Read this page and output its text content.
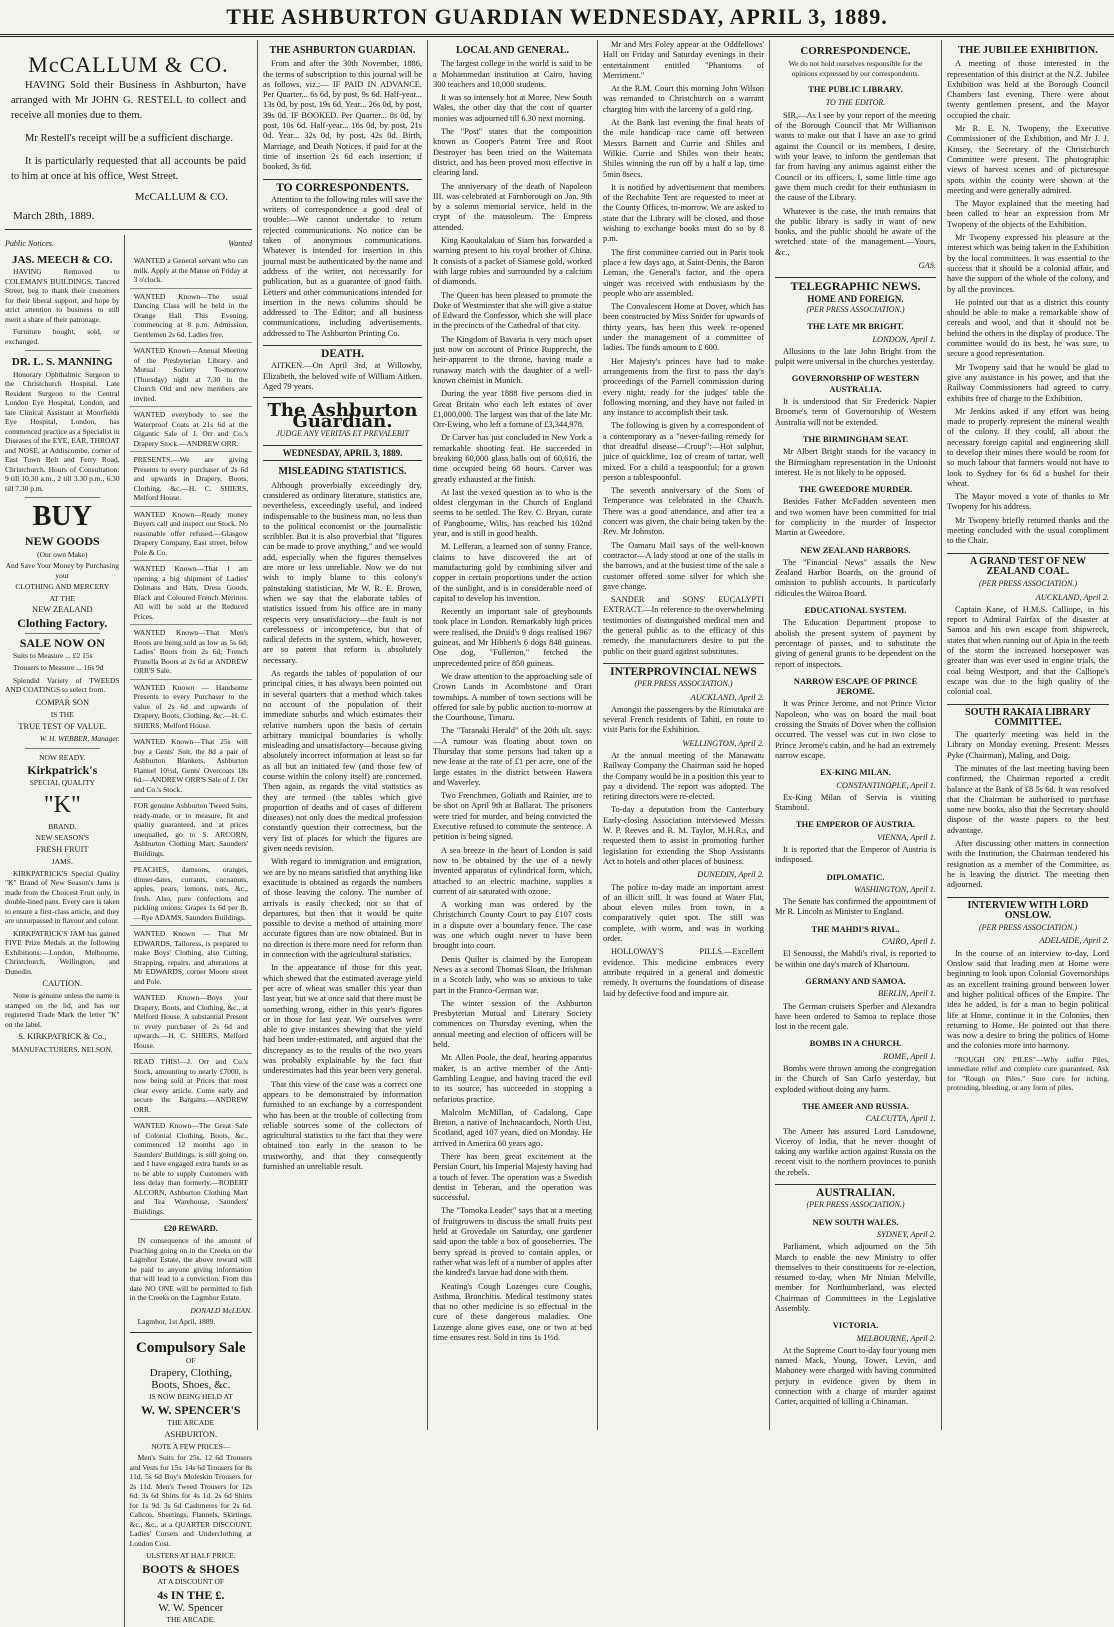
THE ASHBURTON GUARDIAN WEDNESDAY, APRIL 3, 1889.
McCALLUM & CO.
HAVING Sold their Business in Ashburton, have arranged with Mr JOHN G. RESTELL to collect and receive all monies due to them.
Mr Restell's receipt will be a sufficient discharge.
It is particularly requested that all accounts be paid to him at once at his office, West Street.
McCALLUM & CO.
March 28th, 1889.
Public Notices.
JAS. MEECH & CO.

HAVING Removed to COLEMAN'S BUILDINGS, Tancred Street, beg to thank their customers for their liberal support, and hope by strict attention to business to still merit a share of their patronage.

Furniture bought, sold, or exchanged.

DR. L. S. MANNING

Honorary Ophthalmic Surgeon to the Christchurch Hospital. Late Resident Surgeon to the Central London Eye Hospital, London, and late Clinical Assistant at Moorfields Eye Hospital, London, has commenced practice as a Specialist in Diseases of the EYE, EAR, THROAT and NOSE, at Addiscombe, corner of East Town Belt and Ferry Road, Christchurch. Hours of Consultation: 9 till 10.30 a.m., 2 till 3.30 p.m., 6.30 till 7.30 p.m.

BUY
NEW GOODS
(Our own Make)
And Save Your Money by Purchasing your
CLOTHING AND MERCERY
AT THE
NEW ZEALAND
Clothing Factory.
SALE NOW ON

Suits to Measure ... £2 15s

Trousers to Measure ... 16s 9d

Splendid Variety of TWEEDS AND COATINGS to select from.

COMPAR SON
IS THE
TRUE TEST OF VALUE.
W. H. WEBBER, Manager.
NOW READY.
Kirkpatrick's
SPECIAL QUALITY
"K"
BRAND.
NEW SEASON'S
FRESH FRUIT
JAMS.

KIRKPATRICK'S Special Quality "K" Brand of New Season's Jams is made from the Choicest Fruit only, in double-lined pans. Every care is taken to ensure a first-class article, and they are unsurpassed in flavour and colour.

KIRKPATRICK'S JAM has gained FIVE Prize Medals at the following Exhibitions:—London, Melbourne, Christchurch, Wellington, and Dunedin.

CAUTION.

None is genuine unless the name is stamped on the lid, and has our registered Trade Mark the letter "K" on the label.

S. KIRKPATRICK & Co.,
MANUFACTURERS, NELSON.
Wanted
WANTED a General servant who can milk. Apply at the Manse on Friday at 3 o'clock.
WANTED Known—The usual Dancing Class will be held in the Orange Hall This Evening, commencing at 8 p.m. Admission, Gentlemen 2s 6d. Ladies free.
WANTED Known—Annual Meeting of the Presbyterian Library and Mutual Society To-morrow (Thursday) night at 7.30 in the Church Old and new members are invited.
WANTED everybody to see the Waterproof Coats at 21s 6d at the Gigantic Sale of J. Orr and Co.'s Drapery Stock.—ANDREW ORR.
PRESENTS.—We are giving Presents to every purchaser of 2s 6d and upwards in Drapery, Boots, Clothing, &c.—H. C. SHIERS, Melford House.
WANTED Known—Ready money Buyers call and inspect our Stock. No reasonable offer refused.—Glasgow Drapery Company, East street, below Pole & Co.
WANTED Known—That I am opening a big shipment of Ladies' Dolmans and Hats, Dress Goods, Black and Coloured French Merinos. All will be sold at the Reduced Prices.
WANTED Known—That Men's Boots are being sold as low as 5s 6d; Ladies' Boots from 2s 6d; French Prunella Boots at 2s 6d at ANDREW ORR'S Sale.
WANTED Known — Handsome Presents to every Purchaser to the value of 2s 6d and upwards of Drapery, Boots, Clothing, &c.—H. C. SHIERS, Melford House.
WANTED Known—That 25s will buy a Gents' Suit, the 8d a pair of Ashburton Blankets, Ashburton Flannel 10½d, Gents' Overcoats 18s 6d.—ANDREW ORR'S Sale of J. Orr and Co.'s Stock.
FOR genuine Ashburton Tweed Suits, ready-made, or to measure, fit and quality guaranteed, and at prices unequalled, go to S. ARCORN, Ashburton Clothing Mart, Saunders' Buildings.
PEACHES, damsons, oranges, dinner-dates, currants, cocoanuts, apples, pears, lemons, nuts, &c., fresh. Also, pure confections and pickling onions. Grapes 1s 6d per lb.—Rye ADAMS, Saunders Buildings.
WANTED Known — That Mr EDWARDS, Tailoress, is prepared to make Boys' Clothing, also Cutting, Strapping, repairs, and alterations at Mr EDWARDS, corner Moore street and Pole.
WANTED Known—Boys your Drapery, Boots, and Clothing, &c., at Melford House. A substantial Present to every purchaser of 2s 6d and upwards.—H. C. SHIERS, Melford House.
READ THIS!—J. Orr and Co.'s Stock, amounting to nearly £7000, is now being sold at Prices that must clear every article. Come early and secure the Bargains.—ANDREW ORR.
WANTED Known—The Great Sale of Colonial Clothing, Boots, &c., commenced 12 months ago in Saunders' Buildings, is still going on, and I have engaged extra hands so as to be able to supply Customers with less delay than formerly.—ROBERT ALCORN, Ashburton Clothing Mart and Tea Warehouse, Saunders' Buildings.
£20 REWARD.

IN consequence of the amount of Poaching going on in the Creeks on the Lagmhor Estate, the above reward will be paid to anyone giving information that will lead to a conviction. From this date NO ONE will be permitted to fish in the Creeks on the Lagmhor Estate.

DONALD McLEAN.

Lagmhor, 1st April, 1889.

Compulsory Sale
OF
Drapery, Clothing,
Boots, Shoes, &c.
IS NOW BEING HELD AT
W. W. SPENCER'S
THE ARCADE
ASHBURTON.
NOTE A FEW PRICES—

Men's Suits for 25s. 12 6d Trousers and Vests for 15s. 14s 6d Trousers for 8s 11d. 5s 6d Boy's Moleskin Trousers for 2s 11d. Men's Tweed Trousers for 12s 6d. 3s 6d Shirts for 4s 1d. 2s 6d Shirts for 1s 9d. 3s 6d Cashmeres for 2s 6d. Calicos, Sheetings, Flannels, Skirtings, &c., &c., at a QUARTER DISCOUNT. Ladies' Corsets and Underclothing at London Cost.

ULSTERS AT HALF PRICE.
BOOTS & SHOES
AT A DISCOUNT OF
4s IN THE £.
W. W. Spencer
THE ARCADE.
THE ASHBURTON GUARDIAN.

From and after the 30th November, 1886, the terms of subscription to this journal will be as follows, viz.:— IF PAID IN ADVANCE. Per Quarter... 6s 6d, by post, 9s 6d. Half-year... 13s 0d, by post, 19s 6d. Year... 26s 0d, by post, 39s 0d. IF BOOKED. Per Quarter... 8s 0d, by post, 10s 6d. Half-year... 16s 0d, by post, 21s 0d. Year... 32s 0d, by post, 42s 0d. Birth, Marriage, and Death Notices, if paid for at the time of insertion 2s 6d each insertion; if booked, 3s 6d.

TO CORRESPONDENTS.

Attention to the following rules will save the writers of correspondence a good deal of trouble:—We cannot undertake to return rejected communications. No notice can be taken of anonymous communications. Whatever is intended for insertion in this journal must be authenticated by the name and address of the writer, not necessarily for publication, but as a guarantee of good faith. Letters and other communications intended for insertion in the news columns should be addressed to The Editor; and all business communications, including advertisements, addressed to The Ashburton Printing Co.

DEATH.

AITKEN.—On April 3rd, at Willowby, Elizabeth, the beloved wife of William Aitken. Aged 79 years.

The Ashburton Guardian.
JUDGE ANY VERITAS ET PREVALEBIT
WEDNESDAY, APRIL 3, 1889.
MISLEADING STATISTICS.

Although proverbially exceedingly dry, considered as ordinary literature, statistics are, nevertheless, exceedingly useful, and indeed indispensable to the business man, no less than to the political economist or the journalistic scribbler. But it is also proverbial that "figures can be made to prove anything," and we would add, especially when the figures themselves are more or less unreliable. Now we do not wish to imply blame to this colony's painstaking statistician, Mr W. R. E. Brown, when we say that the elaborate tables of statistics issued from his office are in many respects very unsatisfactory—the fault is not carelessness or incompetence, but that of radical defects in the system, which, however, are so patent that reform is absolutely necessary.

As regards the tables of population of our principal cities, it has always been pointed out in several quarters that a method which takes no account of the population of their immediate suburbs and which estimates their relative numbers upon the basis of certain arbitrary municipal boundaries is wholly misleading and unsatisfactory—because giving absolutely incorrect information at least so far as all but an initiated few (and those few of course within the colony itself) are concerned. Then again, as regards the vital statistics as they are termed (the tables which give proportion of deaths and of cases of different diseases) not only does the medical profession constantly question their correctness, but the very list of places for which the figures are given needs revision.

With regard to immigration and emigration, we are by no means satisfied that anything like exactitude is obtained as regards the numbers of those leaving the colony. The number of arrivals is easily checked; not so that of departures, but then that it would be quite possible to devise a method of attaining more accurate figures than are now obtained. But in no direction is there more need for reform than in connection with the agricultural statistics.

In the appearance of those for this year, which shewed that the estimated average yield per acre of wheat was smaller this year than last year, but we at once said that there must be something wrong, either in this year's figures or in those for last year. We ourselves were able to give instances shewing that the yield had been under-estimated, and argued that the discrepancy as to the results of the two years was probably explainable by the fact that underestimates had this year been very general.

That this view of the case was a correct one appears to be demonstrated by information furnished to an exchange by a correspondent who has been at the trouble of collecting from reliable sources some of the collectors of agricultural statistics to the fact that they were obtained too early in the season to be trustworthy, and that they consequently furnished an unreliable result.

LOCAL AND GENERAL.

The largest college in the world is said to be a Mohammedan institution at Cairo, having 300 teachers and 10,000 students.

It was so intensely hot at Moree, New South Wales, the other day that the cost of quarter monies was adjourned till 6.30 next morning.

The "Post" states that the composition known as Cooper's Patent Tree and Root Destroyer has been tried on the Waitemata district, and has been proved most effective in clearing land.

The anniversary of the death of Napoleon III. was celebrated at Farnborough on Jan. 9th by a solemn memorial service, held in the crypt of the mausoleum. The Empress attended.

King Kaoukalakau of Siam has forwarded a warning present to his royal brother of China. It consists of a packet of Siamese gold, worked with large rubies and surrounded by a calcium of diamonds.

The Queen has been pleased to promote the Duke of Westminster that she will give a statue of Edward the Confessor, which she will place in the precincts of the Cathedral of that city.

The Kingdom of Bavaria is very much upset just now on account of Prince Rupprecht, the heir-apparent to the throne, having made a runaway match with the daughter of a well-known chemist in Munich.

During the year 1888 five persons died in Great Britain who each left estates of over £1,000,000. The largest was that of the late Mr. Orr-Ewing, who left a fortune of £3,344,978.

Dr Carver has just concluded in New York a remarkable shooting feat. He succeeded in breaking 60,000 glass balls out of 60,616, the time occupied being 68 hours. Carver was greatly exhausted at the finish.

At last the vexed question as to who is the oldest clergyman in the Church of England seems to be settled. The Rev. C. Bryan, curate of Pangbourne, Wilts, has reached his 102nd year, and is still in good health.

M. Lefferan, a learned son of sunny France, claims to have discovered the art of manufacturing gold by combining silver and copper in certain proportions under the action of the sunlight, and is in considerable need of capital to develop his invention.

Recently an important sale of greyhounds took place in London. Remarkably high prices were realised, the Druid's 9 dogs realised 1967 guineas, and Mr Hibbert's 6 dogs 848 guineas. One dog, "Fullerton," fetched the unprecedented price of 850 guineas.

We draw attention to the approaching sale of Crown Lands in Acombstone and Orari townships. A number of town sections will be offered for sale by public auction to-morrow at the Courthouse, Timaru.

The "Taranaki Herald" of the 20th ult. says:—A rumour was floating about town on Thursday that some persons had taken up a new lease at the rate of £1 per acre, one of the large estates in the district between Hawera and Waverley.

Two Frenchmen, Goliath and Rainier, are to be shot on April 9th at Ballarat. The prisoners were tried for murder, and being convicted the Executive refused to commute the sentence. A petition is being signed.

A sea breeze in the heart of London is said now to be obtained by the use of a newly invented apparatus of cylindrical form, which, attached to an electric machine, supplies a current of air saturated with ozone.

A working man was ordered by the Christchurch County Court to pay £107 costs in a dispute over a boundary fence. The case was one which ought never to have been brought into court.

Denis Quilter is claimed by the European News as a second Thomas Sloan, the Irishman in a Scotch lady, who was so anxious to take part in the Franco-German war.

The winter session of the Ashburton Presbyterian Mutual and Literary Society commences on Thursday evening, when the annual meeting and election of officers will be held.

Mr. Allen Poole, the deaf, hearing apparatus maker, is an active member of the Anti-Gambling League, and having traced the evil to its source, has succeeded in stopping a nefarious practice.

Malcolm McMillan, of Cadalong, Cape Breton, a native of Inchnacardoch, North Uist, Scotland, aged 107 years, died on Monday. He arrived in America 60 years ago.

There has been great excitement at the Persian Court, his Imperial Majesty having had a touch of fever. The operation was a Swedish dentist in Teheran, and the operation was successful.

The "Tomoka Leader" says that at a meeting of fruitgrowers to discuss the small fruits pest held at Grovedale on Saturday, one gardener said upon the table a box of gooseberries. The berry spread is proved to contain apples, or rather what was left of a number of apples after the kindred's larvae had done with them.

Keating's Cough Lozenges cure Coughs, Asthma, Bronchitis. Medical testimony states that no other medicine is so effectual in the cure of these dangerous maladies. One Lozenge alone gives ease, one or two at bed time ensures rest. Sold in tins 1s 1½d.

Mr and Mrs Foley appear at the Oddfellows' Hall on Friday and Saturday evenings in their entertainment entitled "Phantoms of Merriment."

At the R.M. Court this morning John Wilson was remanded to Christchurch on a warrant charging him with the larceny of a gold ring.

At the Bank last evening the final heats of the mile handicap race came off between Messrs Barnett and Currie and Shiles and Wilkie. Currie and Shiles won their heats; Shiles winning the run off by a half a lap, time 5min 8secs.

It is notified by advertisement that members of the Rechabite Tent are requested to meet at the County Offices, to-morrow. We are asked to state that the Library will be closed, and those wishing to exchange books must do so by 8 p.m.

The first committee carried out in Paris took place a few days ago, at Saint-Denis, the Baron Leman, the General's factor, and the opera singer was received with enthusiasm by the people who are assembled.

The Convalescent Home at Dover, which has been constructed by Miss Snider for upwards of thirty years, has been this week re-opened under the management of a committee of ladies. The funds amount to £ 600.

Her Majesty's princes have had to make arrangements from the first to pass the day's proceedings of the Parnell commission during every night, ready for the judges' table the following morning, and they have not failed in any instance to accomplish their task.

The following is given by a correspondent of a contemporary as a "never-failing remedy for that dreadful disease—Croup":—Hot sulphur, juice of quicklime, 1oz of cream of tartar, well mixed. For a child a teaspoonful; for a grown person a tablespoonful.

The seventh anniversary of the Sons of Temperance was celebrated in the Church. There was a good attendance, and after tea a concert was given, the chair being taken by the Rev. Mr Johnston.

The Oamaru Mail says of the well-known contractor—A lady stood at one of the stalls in the barrows, and at the busiest time of the sale a customer offered some silver for which she gave change.

SANDER and SONS' EUCALYPTI EXTRACT.—In reference to the overwhelming testimonies of distinguished medical men and the general public as to the efficacy of this remedy, the manufacturers desire to put the public on their guard against substitutes.

INTERPROVINCIAL NEWS
(PER PRESS ASSOCIATION.)
AUCKLAND, April 2.

Amongst the passengers by the Rimutaka are several French residents of Tahiti, en route to visit Paris for the Exhibition.

WELLINGTON, April 2.

At the annual meeting of the Manawatu Railway Company the Chairman said he hoped the Company would be in a position this year to pay a dividend. The report was adopted. The retiring directors were re-elected.

To-day a deputation from the Canterbury Early-closing Association interviewed Messrs W. P. Reeves and R. M. Taylor, M.H.R.s, and requested them to assist in promoting further legislation for extending the Shop Assistants Act to hotels and other places of business.

DUNEDIN, April 2.

The police to-day made an important arrest of an illicit still. It was found at Water Flat, about eleven miles from town, in a comparatively quiet spot. The still was complete, with worm, and was in working order.

HOLLOWAY'S PILLS.—Excellent evidence. This medicine embraces every attribute required in a general and domestic remedy. It overturns the foundations of disease laid by defective food and impure air.

CORRESPONDENCE.

We do not hold ourselves responsible for the opinions expressed by our correspondents.

THE PUBLIC LIBRARY.
TO THE EDITOR.

SIR,—As I see by your report of the meeting of the Borough Council that Mr Williamson wants to make out that I have an axe to grind against the Council or its members, I desire, with your leave, to inform the gentleman that far from having any animus against either the Council or its officers, I, some little time ago gave them much credit for their enthusiasm in the cause of the Library.

Whatever is the case, the truth remains that the public library is sadly in want of new books, and the public should be aware of the wretched state of the management.—Yours, &c.,

GAS.
TELEGRAPHIC NEWS.
HOME AND FOREIGN.
(PER PRESS ASSOCIATION.)
THE LATE MR BRIGHT.
LONDON, April 1.

Allusions to the late John Bright from the pulpit were universal in the churches yesterday.

GOVERNORSHIP OF WESTERN AUSTRALIA.

It is understood that Sir Frederick Napier Broome's term of Governorship of Western Australia will not be extended.

THE BIRMINGHAM SEAT.

Mr Albert Bright stands for the vacancy in the Birmingham representation in the Unionist interest. He is not likely to be opposed.

THE GWEEDORE MURDER.

Besides Father McFadden seventeen men and two women have been committed for trial for complicity in the murder of Inspector Martin at Gweedore.

NEW ZEALAND HARBORS.

The "Financial News" assails the New Zealand Harbor Boards, on the ground of omission to publish accounts. It particularly ridicules the Wairoa Board.

EDUCATIONAL SYSTEM.

The Education Department propose to abolish the present system of payment by percentage of passes, and to substitute the giving of general grants to be dependent on the report of inspectors.

NARROW ESCAPE OF PRINCE JEROME.

It was Prince Jerome, and not Prince Victor Napoleon, who was on board the mail boat crossing the Straits of Dover when the collision occurred. The vessel was cut in two close to Prince Jerome's cabin, and he had an extremely narrow escape.

EX-KING MILAN.
CONSTANTINOPLE, April 1.

Ex-King Milan of Servia is visiting Stamboul.

THE EMPEROR OF AUSTRIA.
VIENNA, April 1.

It is reported that the Emperor of Austria is indisposed.

DIPLOMATIC.
WASHINGTON, April 1.

The Senate has confirmed the appointment of Mr R. Lincoln as Minister to England.

THE MAHDI'S RIVAL.
CAIRO, April 1.

El Senoussi, the Mahdi's rival, is reported to be within one day's march of Khartoum.

GERMANY AND SAMOA.
BERLIN, April 1.

The German cruisers Sperber and Alexandra have been ordered to Samoa to replace those lost in the recent gale.

BOMBS IN A CHURCH.
ROME, April 1.

Bombs were thrown among the congregation in the Church of San Carlo yesterday, but exploded without doing any harm.

THE AMEER AND RUSSIA.
CALCUTTA, April 1.

The Ameer has assured Lord Lansdowne, Viceroy of India, that he never thought of taking any warlike action against Russia on the recent visit to the northern provinces to punish the rebels.

AUSTRALIAN.
(PER PRESS ASSOCIATION.)
NEW SOUTH WALES.
SYDNEY, April 2.

Parliament, which adjourned on the 5th March to enable the new Ministry to offer themselves to their constituents for re-election, resumed to-day, when Mr Ninian Melville, member for Northumberland, was elected Chairman of Committees in the Legislative Assembly.

VICTORIA.
MELBOURNE, April 2.

At the Supreme Court to-day four young men named Mack, Young, Tower, Levin, and Mahoney were charged with having committed perjury in evidence given by them in connection with a charge of murder against Carter, acquitted of killing a Chinaman.

THE JUBILEE EXHIBITION.

A meeting of those interested in the representation of this district at the N.Z. Jubilee Exhibition was held at the Borough Council Chambers last evening. There were about twenty gentlemen present, and the Mayor occupied the chair.

Mr R. E. N. Twopeny, the Executive Commissioner of the Exhibition, and Mr J. J. Kinsey, the Secretary of the Christchurch Committee were present. The photographic views of harvest scenes and of picturesque spots within the county were shown at the meeting and were generally admired.

The Mayor explained that the meeting had been called to hear an expression from Mr Twopeny of the objects of the Exhibition.

Mr Twopeny expressed his pleasure at the interest which was being taken in the Exhibition by the local committees. It was essential to the success that it should be a colonial affair, and have the support of the whole of the colony, and by all the provinces.

He pointed out that as a district this county should be able to make a remarkable show of cereals and wool, and that it should not be behind the others in the display of produce. The committee would do its best, he was sure, to secure a good representation.

Mr Twopeny said that he would be glad to give any assistance in his power, and that the Railway Commissioners had agreed to carry exhibits free of charge to the Exhibition.

Mr Jenkins asked if any effort was being made to properly represent the mineral wealth of the colony. If they could, all about the necessary foreign capital and engineering skill to develop their mines there would be room for so much labour that farmers would not have to look to Sydney for 6s 6d a bushel for their wheat.

The Mayor moved a vote of thanks to Mr Twopeny for his address.

Mr Twopeny briefly returned thanks and the meeting concluded with the usual compliment to the Chair.

A GRAND TEST OF NEW ZEALAND COAL.
(PER PRESS ASSOCIATION.)
AUCKLAND, April 2.

Captain Kane, of H.M.S. Calliope, in his report to Admiral Fairfax of the disaster at Samoa and his own escape from shipwreck, states that when running out of Apia in the teeth of the storm the increased horsepower was greater than was ever used in engine trials, the coal being Westport, and that the Calliope's escape was due to the high quality of the colonial coal.

SOUTH RAKAIA LIBRARY COMMITTEE.

The quarterly meeting was held in the Library on Monday evening. Present: Messrs Pyke (Chairman), Maling, and Doig.

The minutes of the last meeting having been confirmed, the Chairman reported a credit balance at the Bank of £8 5s 6d. It was resolved that the Chairman be authorised to purchase some new books, also that the Secretary should dispose of the waste papers to the best advantage.

After discussing other matters in connection with the Institution, the Chairman tendered his resignation as a member of the Committee, as he is leaving the district. The meeting then adjourned.

INTERVIEW WITH LORD ONSLOW.
(PER PRESS ASSOCIATION.)
ADELAIDE, April 2.

In the course of an interview to-day, Lord Onslow said that leading men at Home were beginning to look upon Colonial Governorships as an excellent training ground between lower and higher political offices of the Empire. The idea he added, is for a man to begin political life at Home, continue it in the Colonies, then returning to Home. He pointed out that there was now a desire to bring the politics of Home and the colonies more into harmony.

"ROUGH ON PILES"—Why suffer Piles, immediate relief and complete cure guaranteed. Ask for "Rough on Piles." Sure cure for itching, protruding, bleeding, or any form of piles.
